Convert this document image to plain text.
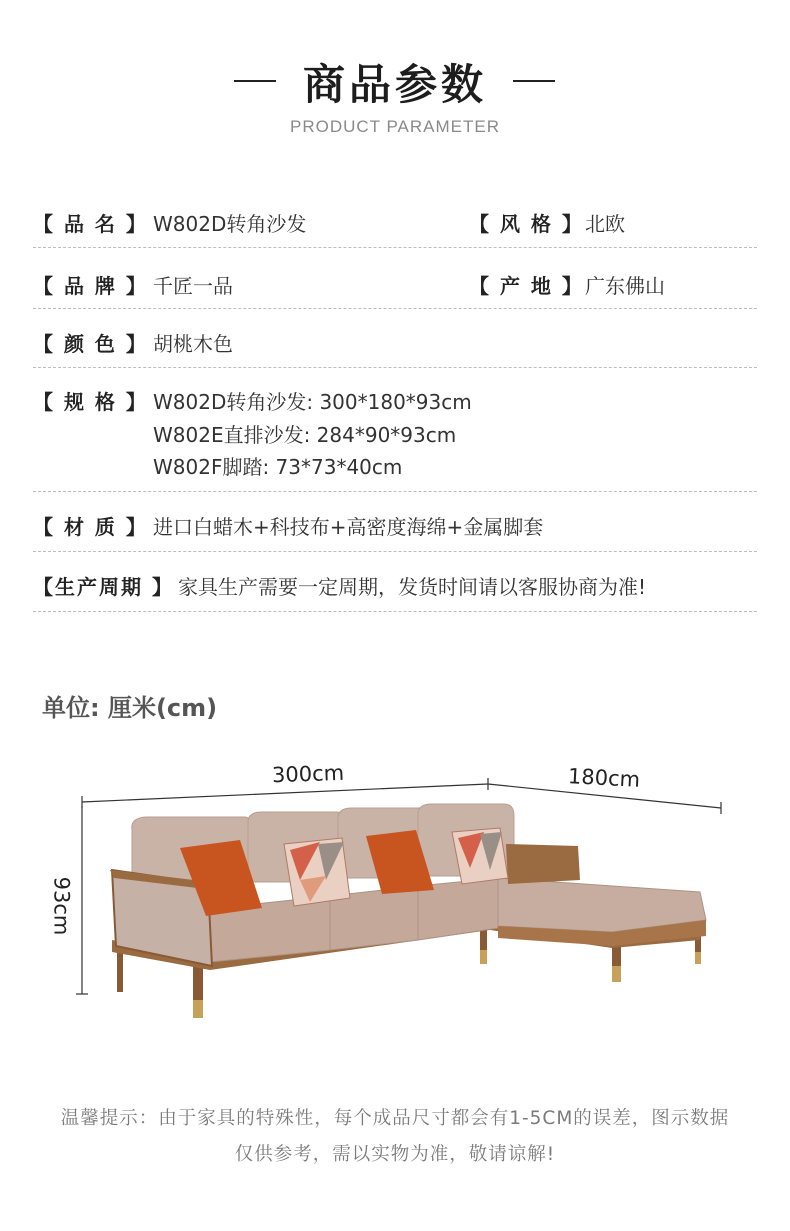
商品参数
PRODUCT PARAMETER
【 品 名 】 W802D转角沙发	【 风 格 】 北欧
【 品 牌 】 千匠一品	【 产 地 】 广东佛山
【 颜 色 】 胡桃木色
【 规 格 】 W802D转角沙发: 300*180*93cm
W802E直排沙发: 284*90*93cm
W802F脚踏: 73*73*40cm
【 材 质 】 进口白蜡木+科技布+高密度海绵+金属脚套
【生产周期 】 家具生产需要一定周期，发货时间请以客服协商为准!
单位: 厘米(cm)
300cm	180cm
93cm
温馨提示：由于家具的特殊性，每个成品尺寸都会有1-5CM的误差，图示数据
仅供参考，需以实物为准，敬请谅解!
